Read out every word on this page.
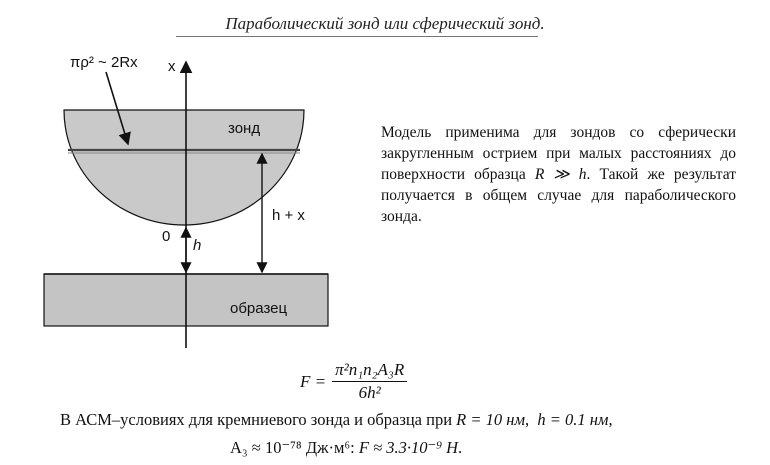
Параболический зонд или сферический зонд.
πρ² ~ 2Rx x
зонд
h + x
0
h
образец
Модель применима для зондов со сферически закругленным острием при малых расстояниях до поверхности образца R ≫ h. Такой же результат получается в общем случае для параболического зонда.
$F = \frac{\text{π²n₁n₂A₃R}}{\text{6h²}}$
В АСМ–условиях для кремниевого зонда и образца при R = 10 нм,  h = 0.1 нм,
A₃ ≈ 10⁻⁷⁸ Дж·м⁶: F ≈ 3.3·10⁻⁹ Н.
